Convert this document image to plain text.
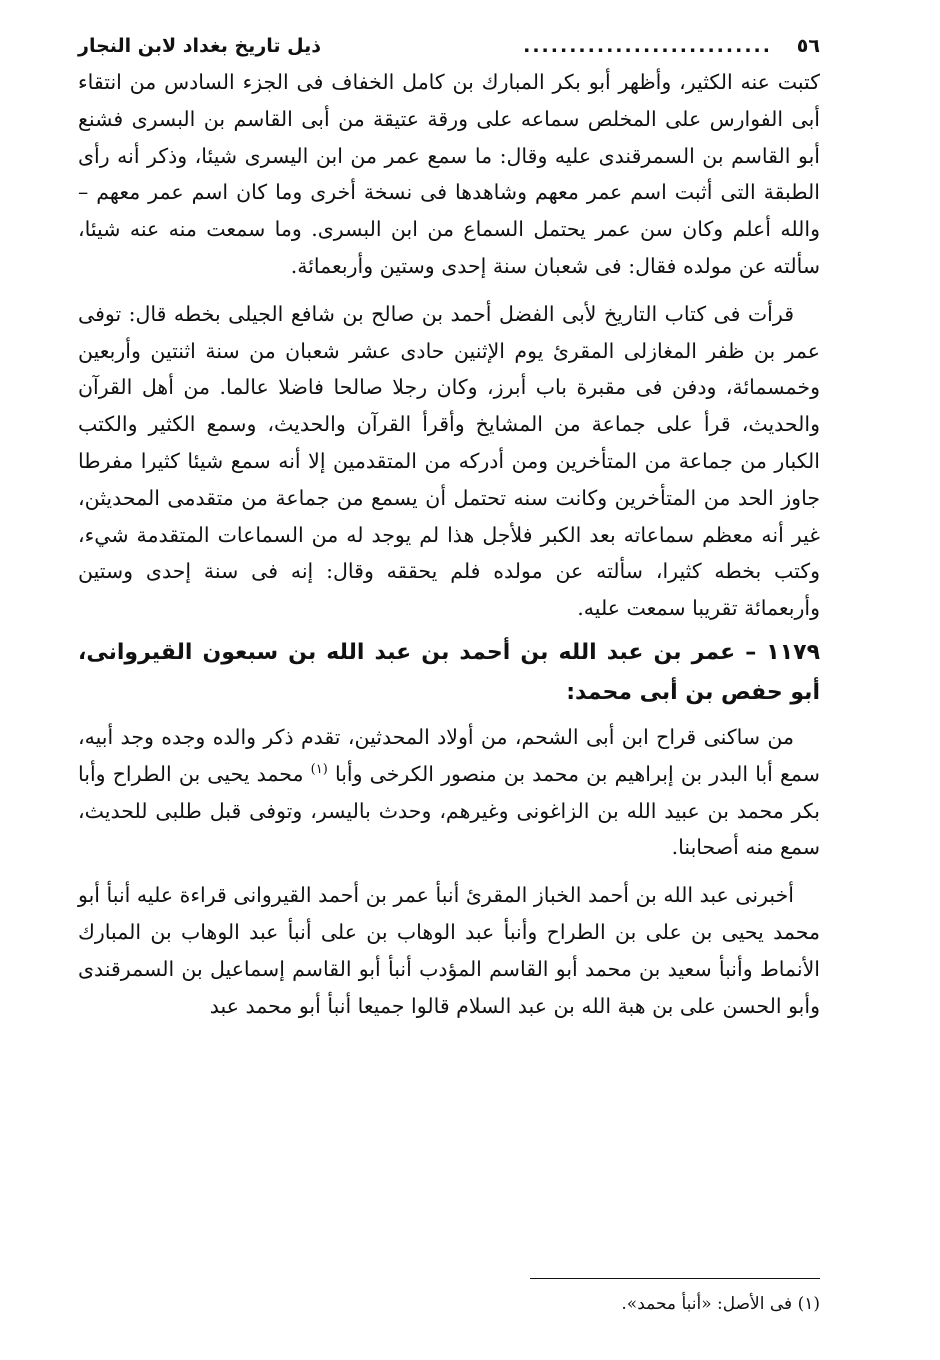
٥٦
...........................
ذيل تاريخ بغداد لابن النجار

كتبت عنه الكثير، وأظهر أبو بكر المبارك بن كامل الخفاف فى الجزء السادس من انتقاء أبى الفوارس على المخلص سماعه على ورقة عتيقة من أبى القاسم بن البسرى فشنع أبو القاسم بن السمرقندى عليه وقال: ما سمع عمر من ابن اليسرى شيئا، وذكر أنه رأى الطبقة التى أثبت اسم عمر معهم وشاهدها فى نسخة أخرى وما كان اسم عمر معهم – والله أعلم وكان سن عمر يحتمل السماع من ابن البسرى. وما سمعت منه عنه شيئا، سألته عن مولده فقال: فى شعبان سنة إحدى وستين وأربعمائة.

قرأت فى كتاب التاريخ لأبى الفضل أحمد بن صالح بن شافع الجيلى بخطه قال: توفى عمر بن ظفر المغازلى المقرئ يوم الإثنين حادى عشر شعبان من سنة اثنتين وأربعين وخمسمائة، ودفن فى مقبرة باب أبرز، وكان رجلا صالحا فاضلا عالما. من أهل القرآن والحديث، قرأ على جماعة من المشايخ وأقرأ القرآن والحديث، وسمع الكثير والكتب الكبار من جماعة من المتأخرين ومن أدركه من المتقدمين إلا أنه سمع شيئا كثيرا مفرطا جاوز الحد من المتأخرين وكانت سنه تحتمل أن يسمع من جماعة من متقدمى المحديثن، غير أنه معظم سماعاته بعد الكبر فلأجل هذا لم يوجد له من السماعات المتقدمة شيء، وكتب بخطه كثيرا، سألته عن مولده فلم يحققه وقال: إنه فى سنة إحدى وستين وأربعمائة تقريبا سمعت عليه.

١١٧٩ – عمر بن عبد الله بن أحمد بن عبد الله بن سبعون القيروانى، أبو حفص بن أبى محمد:

من ساكنى قراح ابن أبى الشحم، من أولاد المحدثين، تقدم ذكر والده وجده وجد أبيه، سمع أبا البدر بن إبراهيم بن محمد بن منصور الكرخى وأبا $^{(١)}$ محمد يحيى بن الطراح وأبا بكر محمد بن عبيد الله بن الزاغونى وغيرهم، وحدث باليسر، وتوفى قبل طلبى للحديث، سمع منه أصحابنا.

أخبرنى عبد الله بن أحمد الخباز المقرئ أنبأ عمر بن أحمد القيروانى قراءة عليه أنبأ أبو محمد يحيى بن على بن الطراح وأنبأ عبد الوهاب بن على أنبأ عبد الوهاب بن المبارك الأنماط وأنبأ سعيد بن محمد أبو القاسم المؤدب أنبأ أبو القاسم إسماعيل بن السمرقندى وأبو الحسن على بن هبة الله بن عبد السلام قالوا جميعا أنبأ أبو محمد عبد

(١) فى الأصل: «أنبأ محمد».
